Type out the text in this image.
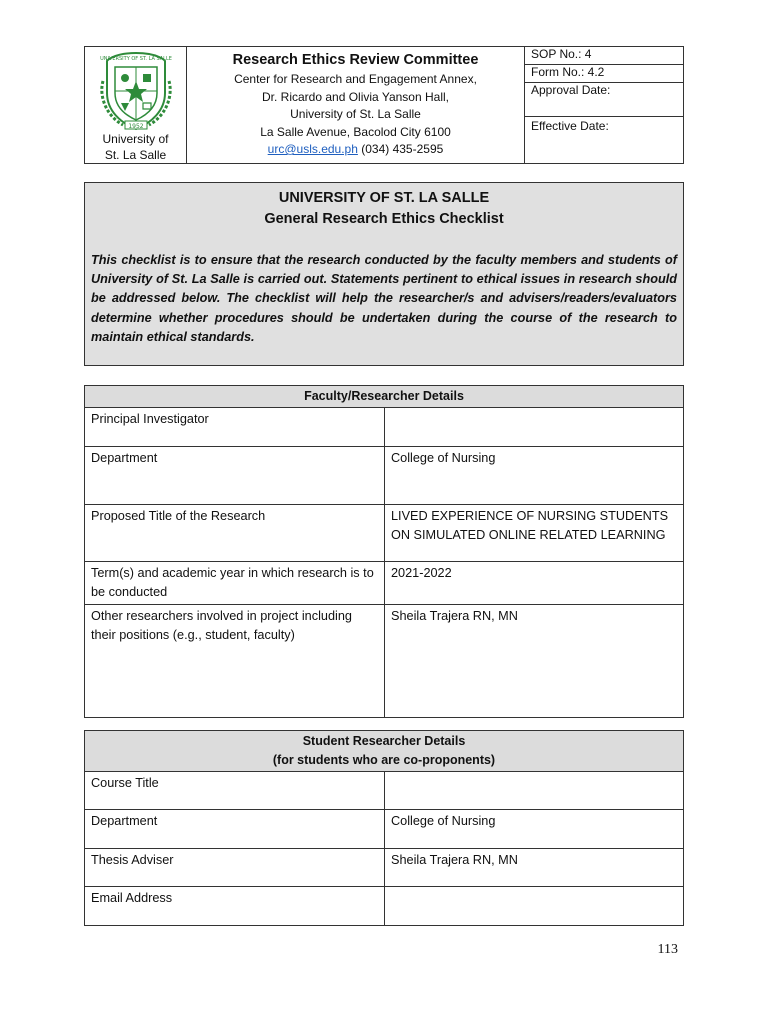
1952
UNIVERSITY OF ST. LA SALLE
University of
St. La Salle
Research Ethics Review Committee
Center for Research and Engagement Annex,
Dr. Ricardo and Olivia Yanson Hall,
University of St. La Salle
La Salle Avenue, Bacolod City 6100
urc@usls.edu.ph (034) 435-2595
SOP No.: 4
Form No.: 4.2
Approval Date:
Effective Date:
UNIVERSITY OF ST. LA SALLE
General Research Ethics Checklist
This checklist is to ensure that the research conducted by the faculty members and students of University of St. La Salle is carried out. Statements pertinent to ethical issues in research should be addressed below. The checklist will help the researcher/s and advisers/readers/evaluators determine whether procedures should be undertaken during the course of the research to maintain ethical standards.
Faculty/Researcher Details	
Principal Investigator	
Department	College of Nursing
Proposed Title of the Research	LIVED EXPERIENCE OF NURSING STUDENTS ON SIMULATED ONLINE RELATED LEARNING
Term(s) and academic year in which research is to be conducted	2021-2022
Other researchers involved in project including their positions (e.g., student, faculty)	Sheila Trajera RN, MN
Student Researcher Details
(for students who are co-proponents)	

Course Title	
Department	College of Nursing
Thesis Adviser	Sheila Trajera RN, MN
Email Address	
113
